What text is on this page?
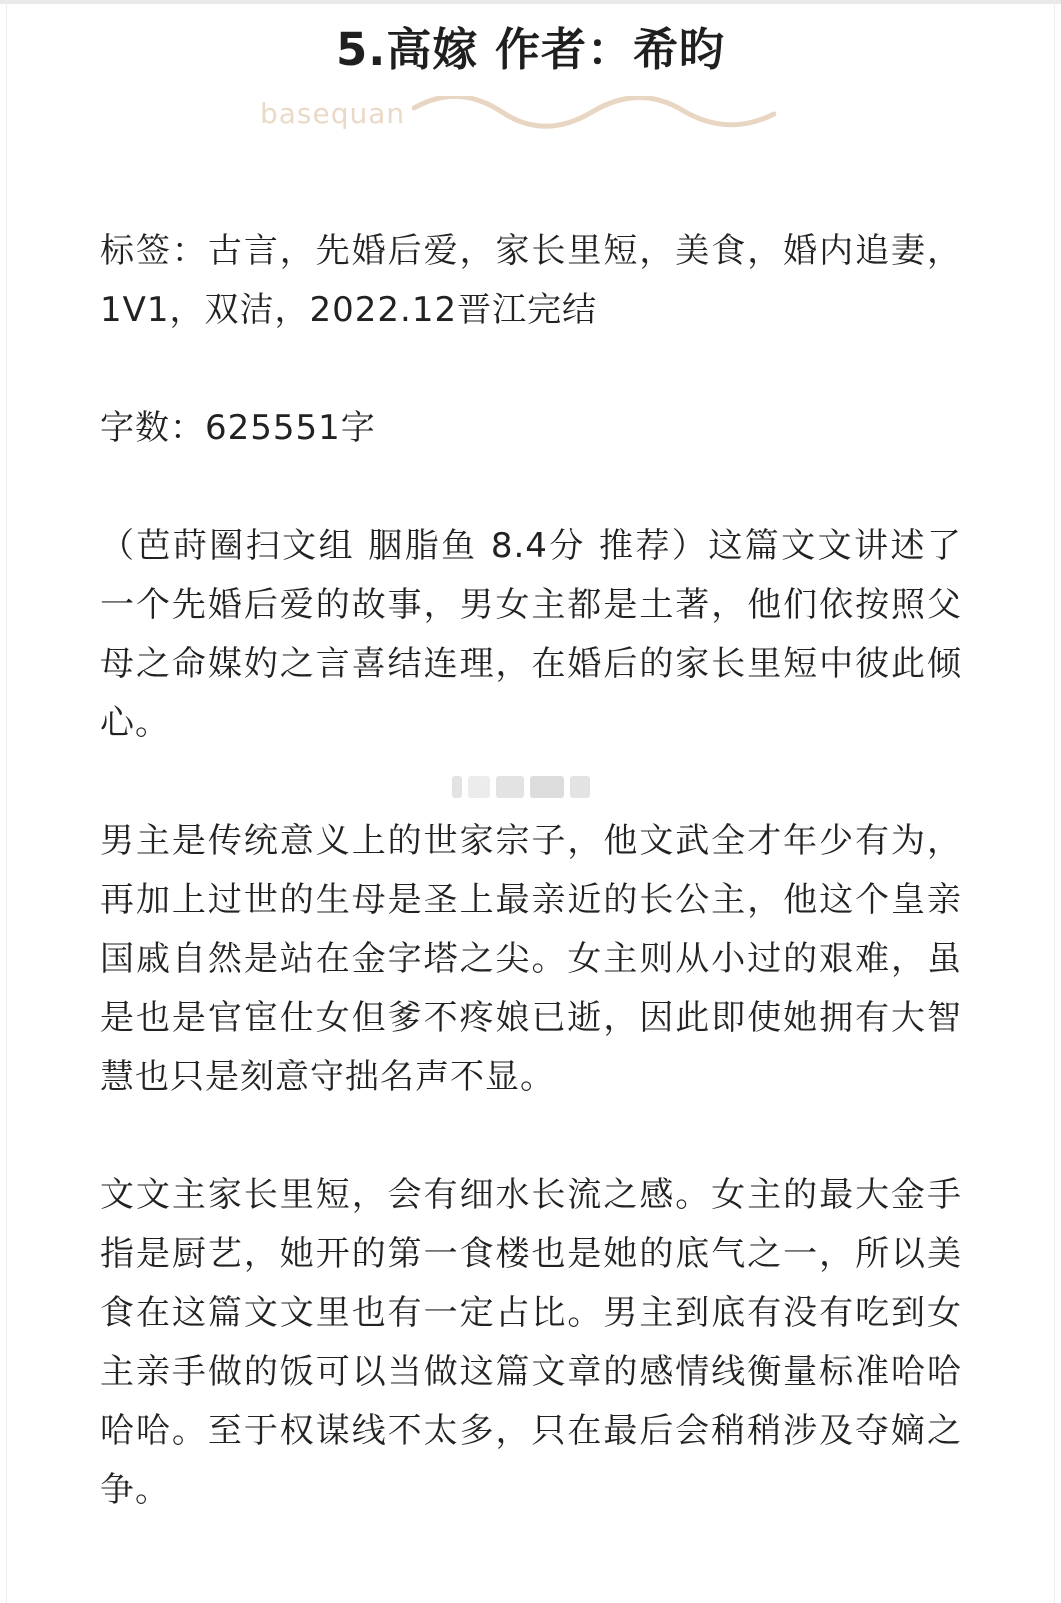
5.高嫁 作者：希昀
basequan

标签：古言，先婚后爱，家长里短，美食，婚内追妻，1V1，双洁，2022.12晋江完结

字数：625551字

（芭莳圈扫文组 胭脂鱼 8.4分 推荐）这篇文文讲述了一个先婚后爱的故事，男女主都是土著，他们依按照父母之命媒妁之言喜结连理，在婚后的家长里短中彼此倾心。

男主是传统意义上的世家宗子，他文武全才年少有为，再加上过世的生母是圣上最亲近的长公主，他这个皇亲国戚自然是站在金字塔之尖。女主则从小过的艰难，虽是也是官宦仕女但爹不疼娘已逝，因此即使她拥有大智慧也只是刻意守拙名声不显。

文文主家长里短，会有细水长流之感。女主的最大金手指是厨艺，她开的第一食楼也是她的底气之一，所以美食在这篇文文里也有一定占比。男主到底有没有吃到女主亲手做的饭可以当做这篇文章的感情线衡量标准哈哈哈哈。至于权谋线不太多，只在最后会稍稍涉及夺嫡之争。
